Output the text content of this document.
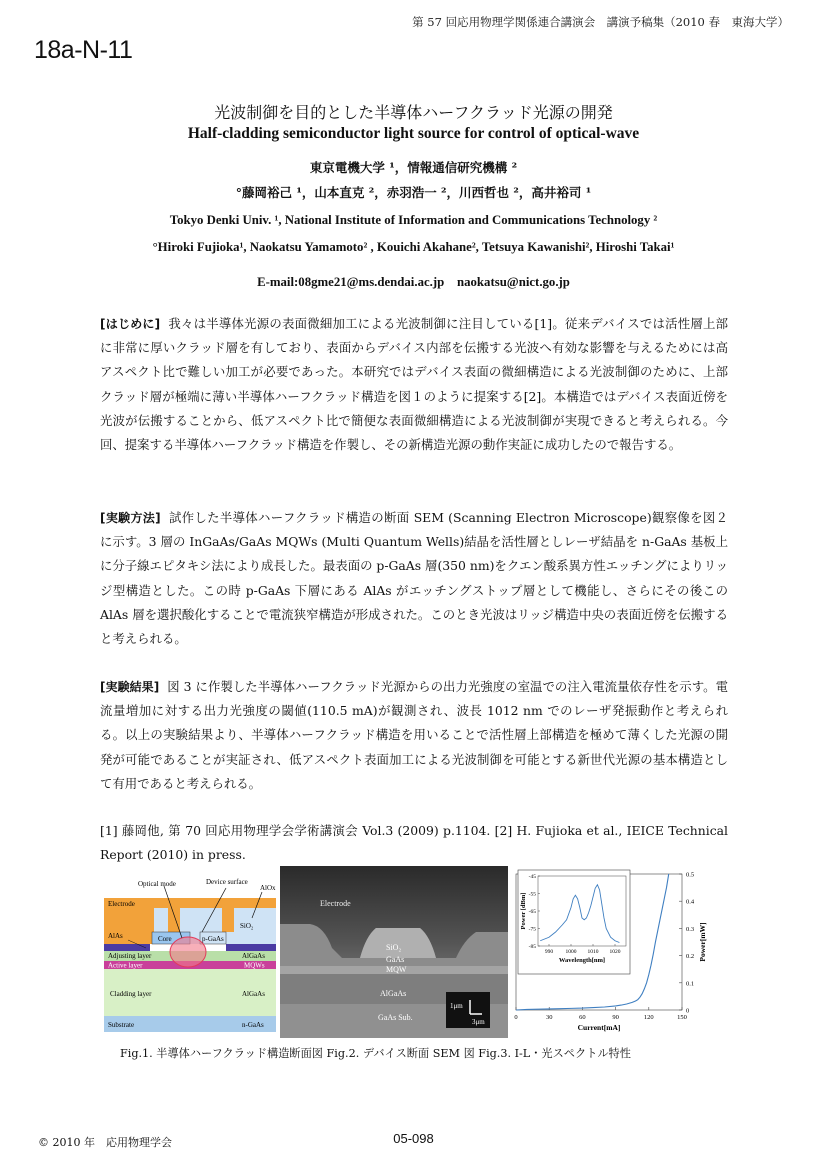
第 57 回応用物理学関係連合講演会　講演予稿集（2010 春　東海大学）
18a-N-11
光波制御を目的とした半導体ハーフクラッド光源の開発
Half-cladding semiconductor light source for control of optical-wave
東京電機大学 ¹，情報通信研究機構 ²
°藤岡裕己 ¹，山本直克 ²，赤羽浩一 ²，川西哲也 ²，高井裕司 ¹
Tokyo Denki Univ. ¹, National Institute of Information and Communications Technology ²
°Hiroki Fujioka¹, Naokatsu Yamamoto² , Kouichi Akahane², Tetsuya Kawanishi², Hiroshi Takai¹
E-mail:08gme21@ms.dendai.ac.jp　naokatsu@nict.go.jp
[はじめに] 我々は半導体光源の表面微細加工による光波制御に注目している[1]。従来デバイスでは活性層上部に非常に厚いクラッド層を有しており、表面からデバイス内部を伝搬する光波へ有効な影響を与えるためには高アスペクト比で難しい加工が必要であった。本研究ではデバイス表面の微細構造による光波制御のために、上部クラッド層が極端に薄い半導体ハーフクラッド構造を図１のように提案する[2]。本構造ではデバイス表面近傍を光波が伝搬することから、低アスペクト比で簡便な表面微細構造による光波制御が実現できると考えられる。今回、提案する半導体ハーフクラッド構造を作製し、その新構造光源の動作実証に成功したので報告する。
[実験方法] 試作した半導体ハーフクラッド構造の断面 SEM (Scanning Electron Microscope)観察像を図２に示す。3 層の InGaAs/GaAs MQWs (Multi Quantum Wells)結晶を活性層としレーザ結晶を n-GaAs 基板上に分子線エピタキシ法により成長した。最表面の p-GaAs 層(350 nm)をクエン酸系異方性エッチングによりリッジ型構造とした。この時 p-GaAs 下層にある AlAs がエッチングストップ層として機能し、さらにその後この AlAs 層を選択酸化することで電流狭窄構造が形成された。このとき光波はリッジ構造中央の表面近傍を伝搬すると考えられる。
[実験結果] 図 3 に作製した半導体ハーフクラッド光源からの出力光強度の室温での注入電流量依存性を示す。電流量増加に対する出力光強度の閾値(110.5 mA)が観測され、波長 1012 nm でのレーザ発振動作と考えられる。以上の実験結果より、半導体ハーフクラッド構造を用いることで活性層上部構造を極めて薄くした光源の開発が可能であることが実証され、低アスペクト表面加工による光波制御を可能とする新世代光源の基本構造として有用であると考えられる。
[1] 藤岡他, 第 70 回応用物理学会学術講演会 Vol.3 (2009) p.1104. [2] H. Fujioka et al., IEICE Technical Report (2010) in press.
Optical mode	Device surface
AlOx
Electrode
SiO₂
AlAs	Core	p-GaAs
Adjusting layer	AlGaAs
Active layer	MQWs
Cladding layer	AlGaAs
Substrate	n-GaAs
Electrode
SiO₂
GaAs
MQW
AlGaAs
GaAs Sub.
1μm
3μm
0	30	60	90	120	150
0
0.1
0.2
0.3
0.4
0.5
Current[mA]
Power[mW]
990 1000 1010 1020
-45
-55
-65
-75
-85
Wavelength[nm]
Power [dBm]
Fig.1. 半導体ハーフクラッド構造断面図 Fig.2. デバイス断面 SEM 図 Fig.3. I-L・光スペクトル特性
© 2010 年　応用物理学会	05-098
